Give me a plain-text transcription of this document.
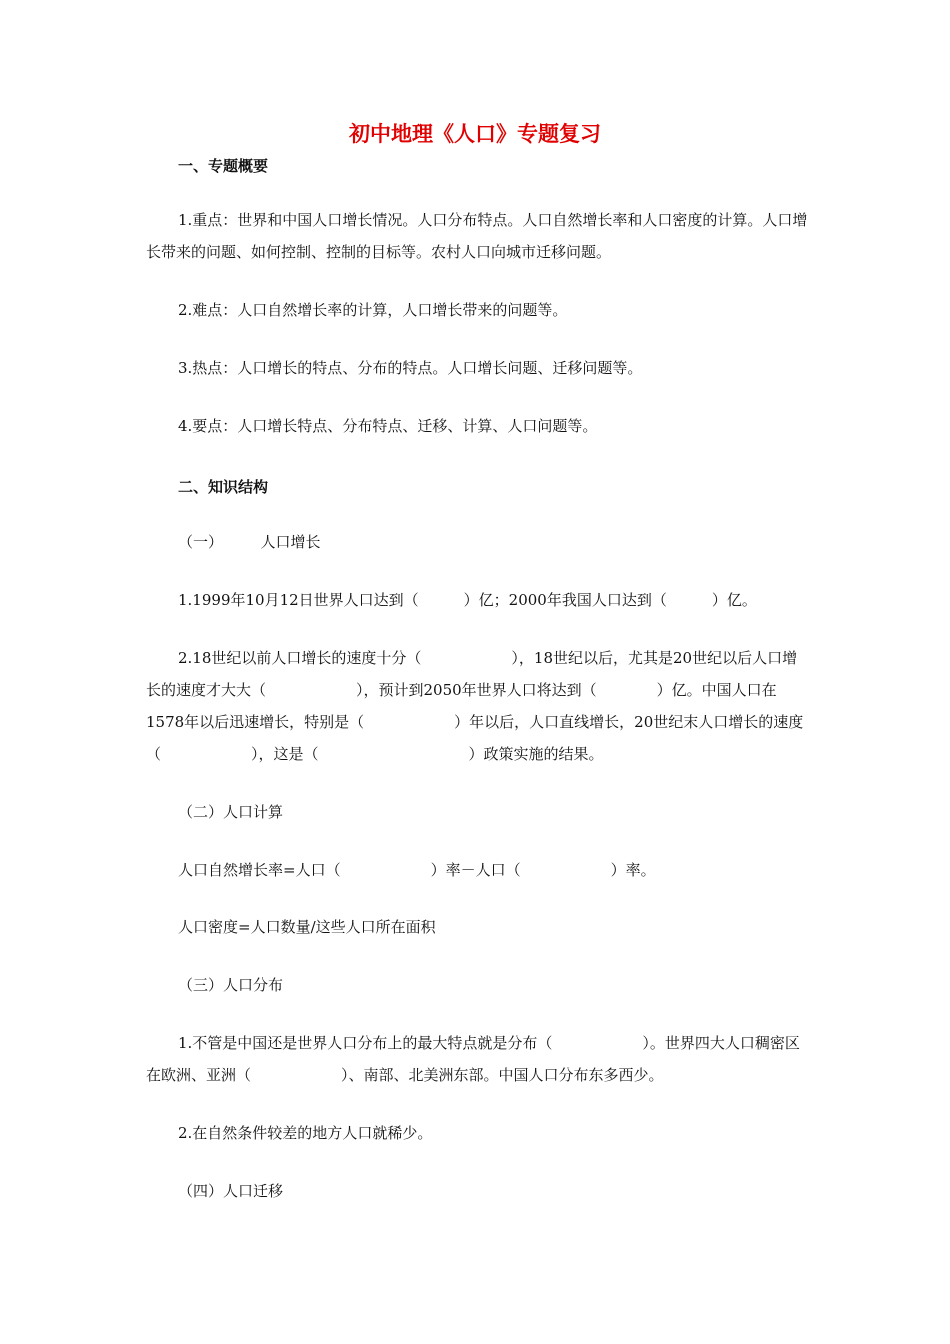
初中地理《人口》专题复习
一、专题概要
1.重点：世界和中国人口增长情况。人口分布特点。人口自然增长率和人口密度的计算。人口增长带来的问题、如何控制、控制的目标等。农村人口向城市迁移问题。
2.难点：人口自然增长率的计算，人口增长带来的问题等。
3.热点：人口增长的特点、分布的特点。人口增长问题、迁移问题等。
4.要点：人口增长特点、分布特点、迁移、计算、人口问题等。
二、知识结构
（一）　　　人口增长
1.1999年10月12日世界人口达到（　　　）亿；2000年我国人口达到（　　　）亿。
2.18世纪以前人口增长的速度十分（　　　　　　），18世纪以后，尤其是20世纪以后人口增长的速度才大大（　　　　　　），预计到2050年世界人口将达到（　　　　）亿。中国人口在1578年以后迅速增长，特别是（　　　　　　）年以后，人口直线增长，20世纪末人口增长的速度（　　　　　　），这是（　　　　　　　　　　）政策实施的结果。
（二）人口计算
人口自然增长率=人口（　　　　　　）率－人口（　　　　　　）率。
人口密度=人口数量/这些人口所在面积
（三）人口分布
1.不管是中国还是世界人口分布上的最大特点就是分布（　　　　　　）。世界四大人口稠密区在欧洲、亚洲（　　　　　　）、南部、北美洲东部。中国人口分布东多西少。
2.在自然条件较差的地方人口就稀少。
（四）人口迁移
